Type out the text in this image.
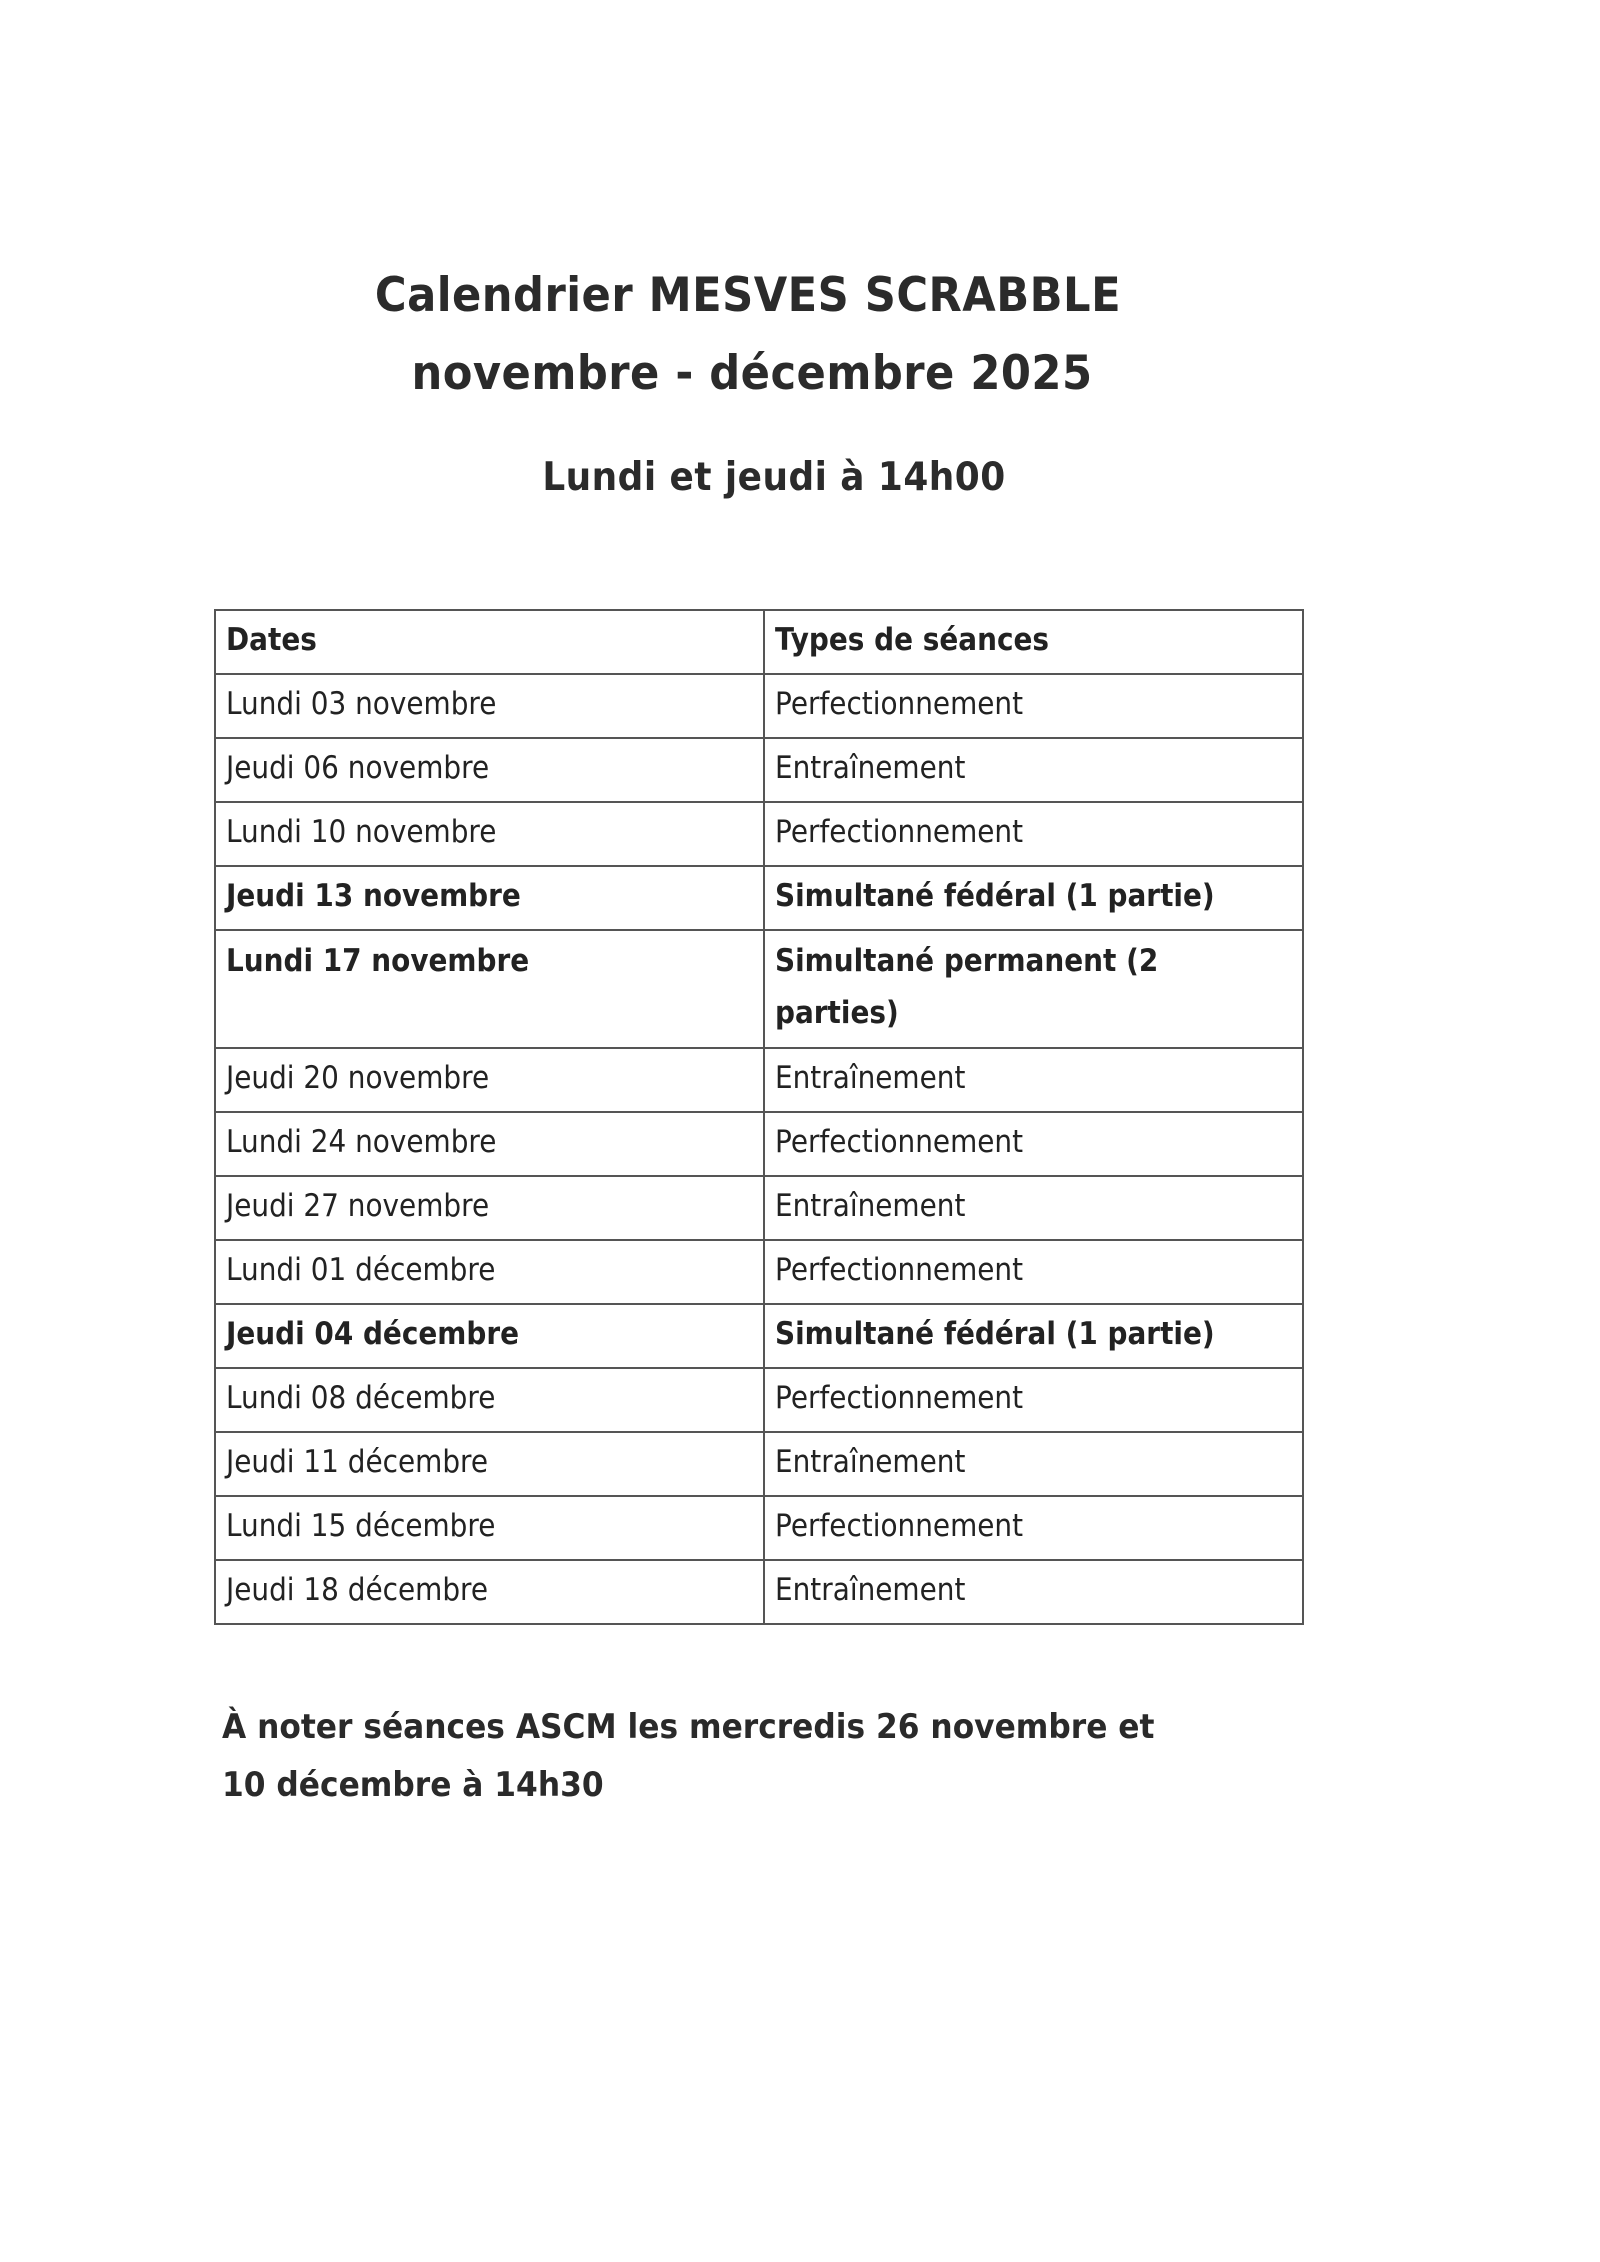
Calendrier MESVES SCRABBLE
novembre - décembre 2025
Lundi et jeudi à 14h00
Dates	Types de séances
Lundi 03 novembre	Perfectionnement
Jeudi 06 novembre	Entraînement
Lundi 10 novembre	Perfectionnement
Jeudi 13 novembre	Simultané fédéral (1 partie)
Lundi 17 novembre	Simultané permanent (2
parties)
Jeudi 20 novembre	Entraînement
Lundi 24 novembre	Perfectionnement
Jeudi 27 novembre	Entraînement
Lundi 01 décembre	Perfectionnement
Jeudi 04 décembre	Simultané fédéral (1 partie)
Lundi 08 décembre	Perfectionnement
Jeudi 11 décembre	Entraînement
Lundi 15 décembre	Perfectionnement
Jeudi 18 décembre	Entraînement
À noter séances ASCM les mercredis 26 novembre et
10 décembre à 14h30
